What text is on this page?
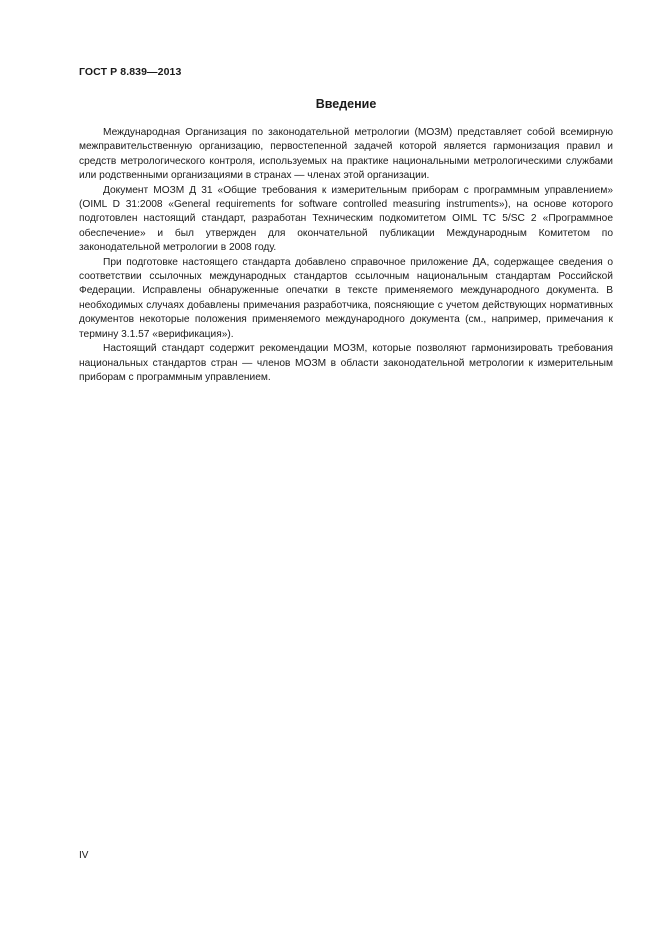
ГОСТ Р 8.839—2013
Введение

Международная Организация по законодательной метрологии (МОЗМ) представляет собой всемирную межправительственную организацию, первостепенной задачей которой является гармонизация правил и средств метрологического контроля, используемых на практике национальными метрологическими службами или родственными организациями в странах — членах этой организации.

Документ МОЗМ Д 31 «Общие требования к измерительным приборам с программным управлением» (OIML D 31:2008 «General requirements for software controlled measuring instruments»), на основе которого подготовлен настоящий стандарт, разработан Техническим подкомитетом OIML TC 5/SC 2 «Программное обеспечение» и был утвержден для окончательной публикации Международным Комитетом по законодательной метрологии в 2008 году.

При подготовке настоящего стандарта добавлено справочное приложение ДА, содержащее сведения о соответствии ссылочных международных стандартов ссылочным национальным стандартам Российской Федерации. Исправлены обнаруженные опечатки в тексте применяемого международного документа. В необходимых случаях добавлены примечания разработчика, поясняющие с учетом действующих нормативных документов некоторые положения применяемого международного документа (см., например, примечания к термину 3.1.57 «верификация»).

Настоящий стандарт содержит рекомендации МОЗМ, которые позволяют гармонизировать требования национальных стандартов стран — членов МОЗМ в области законодательной метрологии к измерительным приборам с программным управлением.

IV
